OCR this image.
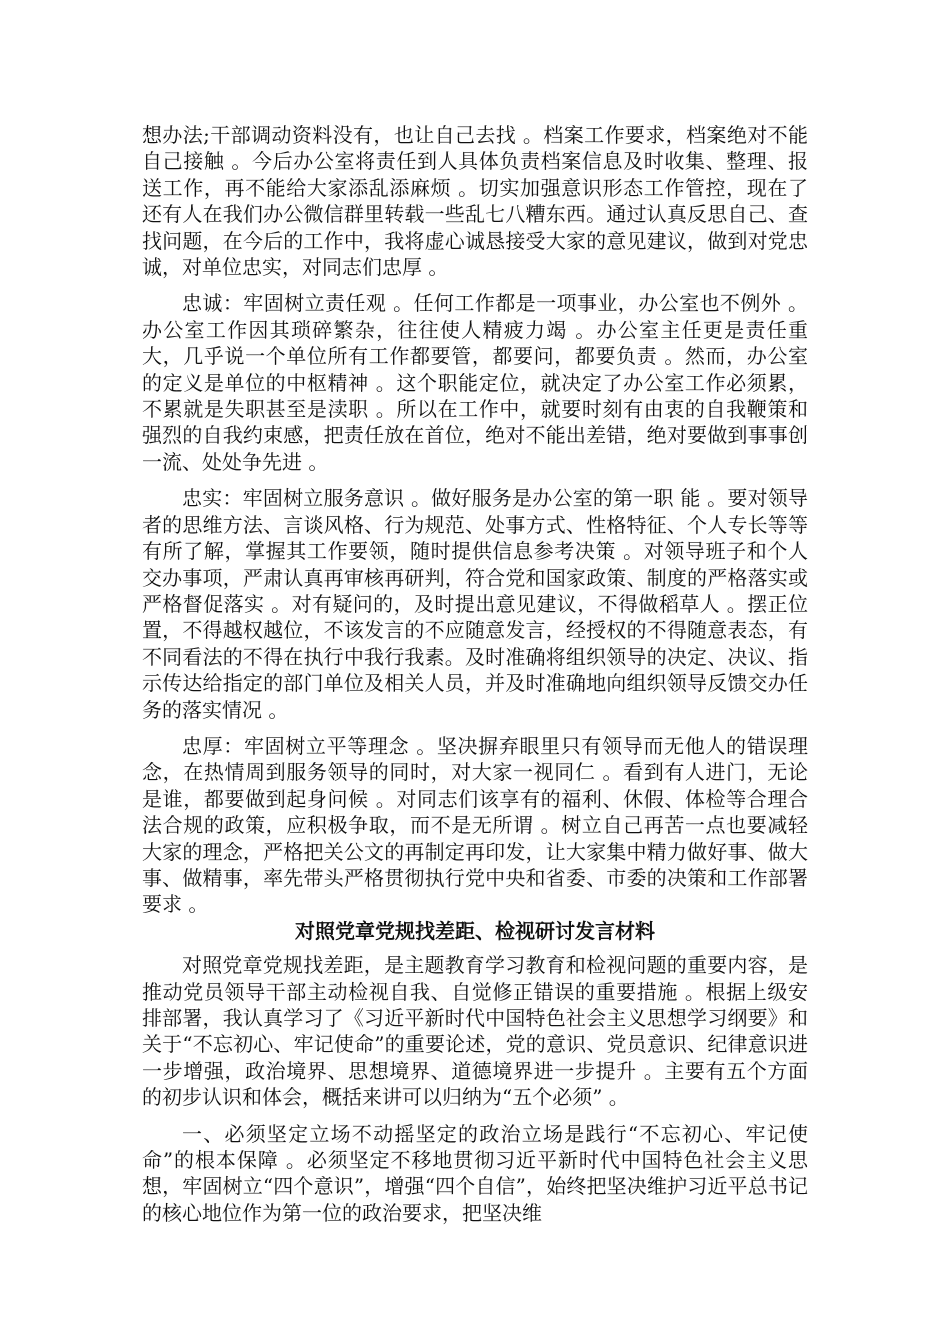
想办法;干部调动资料没有，也让自己去找 。档案工作要求，档案绝对不能自己接触 。今后办公室将责任到人具体负责档案信息及时收集、整理、报送工作，再不能给大家添乱添麻烦 。切实加强意识形态工作管控，现在了还有人在我们办公微信群里转载一些乱七八糟东西。通过认真反思自己、查找问题，在今后的工作中，我将虚心诚恳接受大家的意见建议，做到对党忠诚，对单位忠实，对同志们忠厚 。

忠诚：牢固树立责任观 。任何工作都是一项事业，办公室也不例外 。办公室工作因其琐碎繁杂，往往使人精疲力竭 。办公室主任更是责任重大，几乎说一个单位所有工作都要管，都要问，都要负责 。然而，办公室的定义是单位的中枢精神 。这个职能定位，就决定了办公室工作必须累，不累就是失职甚至是渎职 。所以在工作中，就要时刻有由衷的自我鞭策和强烈的自我约束感，把责任放在首位，绝对不能出差错，绝对要做到事事创一流、处处争先进 。

忠实：牢固树立服务意识 。做好服务是办公室的第一职 能 。要对领导者的思维方法、言谈风格、行为规范、处事方式、性格特征、个人专长等等有所了解，掌握其工作要领，随时提供信息参考决策 。对领导班子和个人交办事项，严肃认真再审核再研判，符合党和国家政策、制度的严格落实或严格督促落实 。对有疑问的，及时提出意见建议，不得做稻草人 。摆正位置，不得越权越位，不该发言的不应随意发言，经授权的不得随意表态，有不同看法的不得在执行中我行我素。及时准确将组织领导的决定、决议、指示传达给指定的部门单位及相关人员，并及时准确地向组织领导反馈交办任务的落实情况 。

忠厚：牢固树立平等理念 。坚决摒弃眼里只有领导而无他人的错误理念，在热情周到服务领导的同时，对大家一视同仁 。看到有人进门，无论是谁，都要做到起身问候 。对同志们该享有的福利、休假、体检等合理合法合规的政策，应积极争取，而不是无所谓 。树立自己再苦一点也要减轻大家的理念，严格把关公文的再制定再印发，让大家集中精力做好事、做大事、做精事，率先带头严格贯彻执行党中央和省委、市委的决策和工作部署要求 。

对照党章党规找差距、检视研讨发言材料

对照党章党规找差距，是主题教育学习教育和检视问题的重要内容，是推动党员领导干部主动检视自我、自觉修正错误的重要措施 。根据上级安排部署，我认真学习了《习近平新时代中国特色社会主义思想学习纲要》和关于“不忘初心、牢记使命”的重要论述，党的意识、党员意识、纪律意识进一步增强，政治境界、思想境界、道德境界进一步提升 。主要有五个方面的初步认识和体会，概括来讲可以归纳为“五个必须” 。

一、必须坚定立场不动摇坚定的政治立场是践行“不忘初心、牢记使命”的根本保障 。必须坚定不移地贯彻习近平新时代中国特色社会主义思想，牢固树立“四个意识”，增强“四个自信”，始终把坚决维护习近平总书记的核心地位作为第一位的政治要求，把坚决维
